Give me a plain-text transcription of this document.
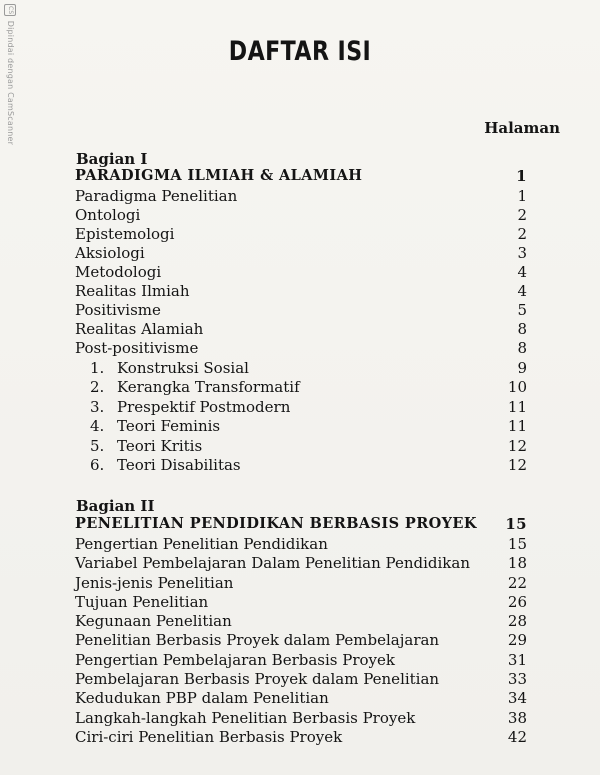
CS Dipindai dengan CamScanner	DAFTAR ISI
Halaman
Bagian I
PARADIGMA ILMIAH & ALAMIAH	1
Paradigma Penelitian	1
Ontologi	2
Epistemologi	2
Aksiologi	3
Metodologi	4
Realitas Ilmiah	4
Positivisme	5
Realitas Alamiah	8
Post-positivisme	8
1. Konstruksi Sosial	9
2. Kerangka Transformatif	10
3. Prespektif Postmodern	11
4. Teori Feminis	11
5. Teori Kritis	12
6. Teori Disabilitas	12
Bagian II
PENELITIAN PENDIDIKAN BERBASIS PROYEK 15
Pengertian Penelitian Pendidikan	15
Variabel Pembelajaran Dalam Penelitian Pendidikan	18
Jenis-jenis Penelitian	22
Tujuan Penelitian	26
Kegunaan Penelitian	28
Penelitian Berbasis Proyek dalam Pembelajaran	29
Pengertian Pembelajaran Berbasis Proyek	31
Pembelajaran Berbasis Proyek dalam Penelitian	33
Kedudukan PBP dalam Penelitian	34
Langkah-langkah Penelitian Berbasis Proyek	38
Ciri-ciri Penelitian Berbasis Proyek	42
